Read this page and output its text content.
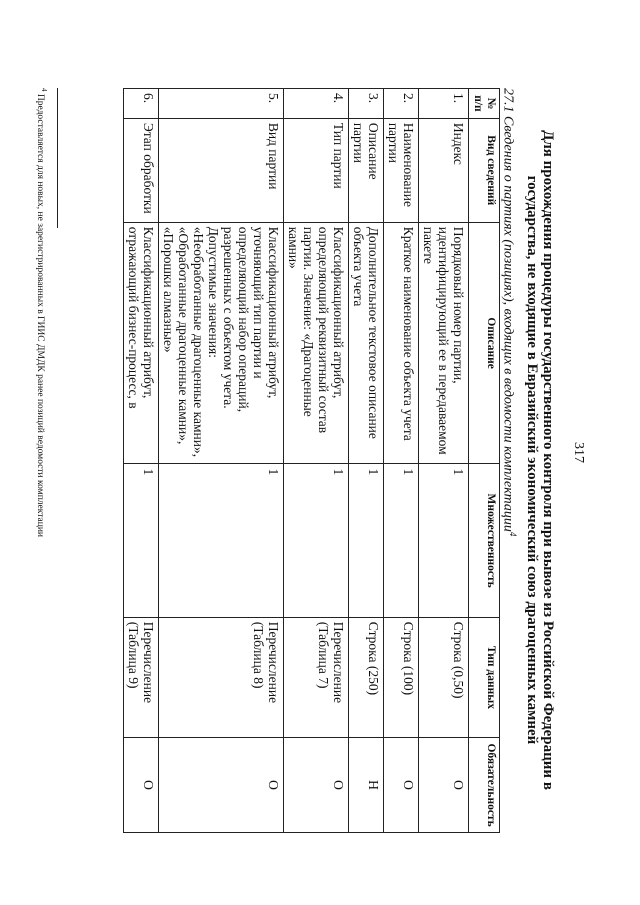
317
Для прохождения процедуры государственного контроля при вывозе из Российской Федерации в государства, не входящие в Евразийский экономический союз драгоценных камней
27.1 Сведения о партиях (позициях), входящих в ведомости комплектации$^4$
№ п/п	Вид сведений	Описание	Множественность	Тип данных	Обязательность
1.	Индекс	Порядковый номер партии, идентифицирующий ее в передаваемом пакете	1	Строка (0,50)	О
2.	Наименование партии	Краткое наименование объекта учета	1	Строка (100)	О
3.	Описание партии	Дополнительное текстовое описание объекта учета	1	Строка (250)	Н
4.	Тип партии	Классификационный атрибут, определяющий реквизитный состав партии. Значение: «Драгоценные камни»	1	Перечисление (Таблица 7)	О
5.	Вид партии	Классификационный атрибут, уточняющий тип партии и определяющий набор операций, разрешенных с объектом учета. Допустимые значения: «Необработанные драгоценные камни», «Обработанные драгоценные камни», «Порошки алмазные»	1	Перечисление (Таблица 8)	О
6.	Этап обработки	Классификационный атрибут, отражающий бизнес-процесс, в	1	Перечисление (Таблица 9)	О
$^4$ Предоставляется для новых, не зарегистрированных в ГИИС ДМДК ранее позиций ведомости комплектации
